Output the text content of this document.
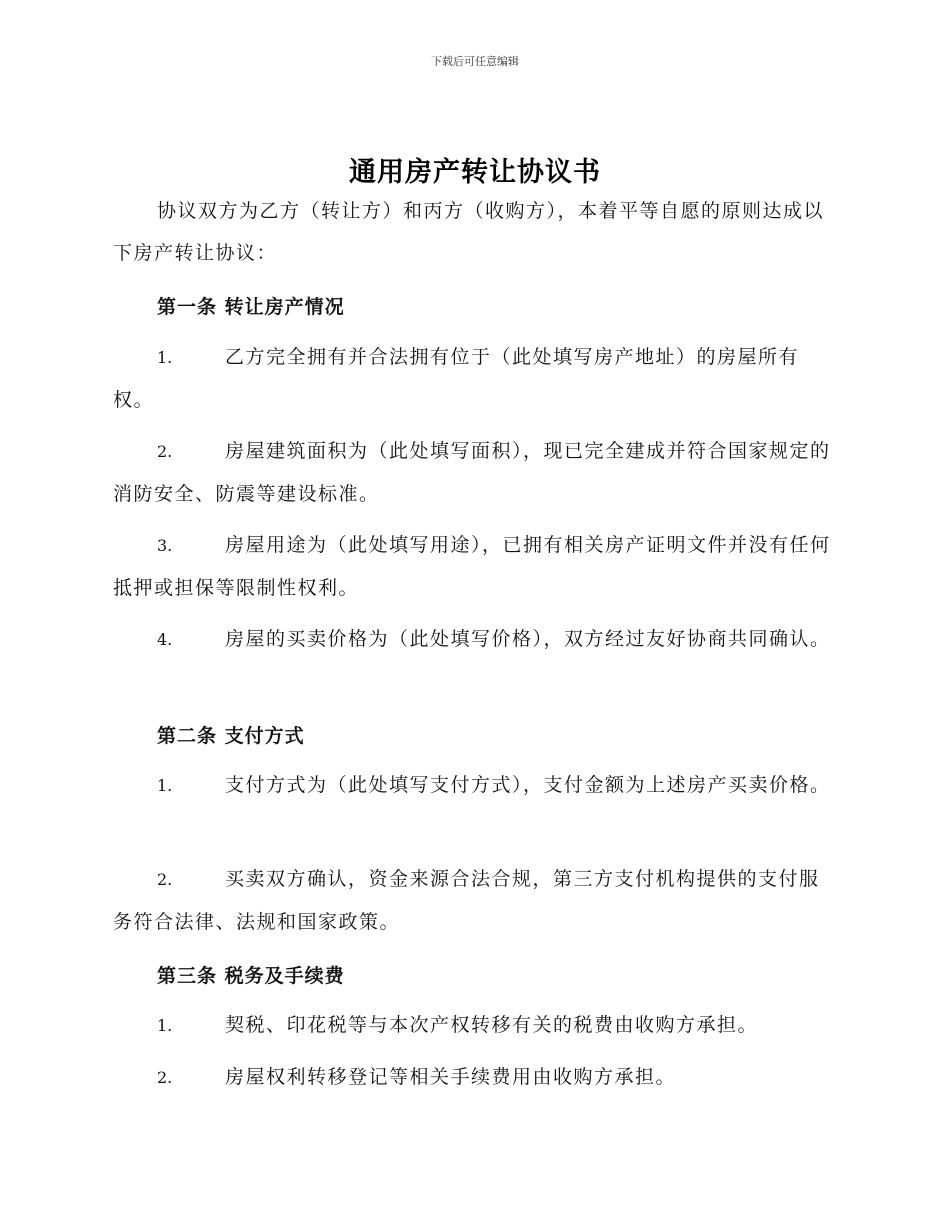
下载后可任意编辑
通用房产转让协议书
协议双方为乙方（转让方）和丙方（收购方），本着平等自愿的原则达成以下房产转让协议：
第一条 转让房产情况
1.	乙方完全拥有并合法拥有位于（此处填写房产地址）的房屋所有权。
2.	房屋建筑面积为（此处填写面积），现已完全建成并符合国家规定的消防安全、防震等建设标准。
3.	房屋用途为（此处填写用途），已拥有相关房产证明文件并没有任何抵押或担保等限制性权利。
4.	房屋的买卖价格为（此处填写价格），双方经过友好协商共同确认。
第二条 支付方式
1.	支付方式为（此处填写支付方式），支付金额为上述房产买卖价格。
2.	买卖双方确认，资金来源合法合规，第三方支付机构提供的支付服务符合法律、法规和国家政策。
第三条 税务及手续费
1.	契税、印花税等与本次产权转移有关的税费由收购方承担。
2.	房屋权利转移登记等相关手续费用由收购方承担。
